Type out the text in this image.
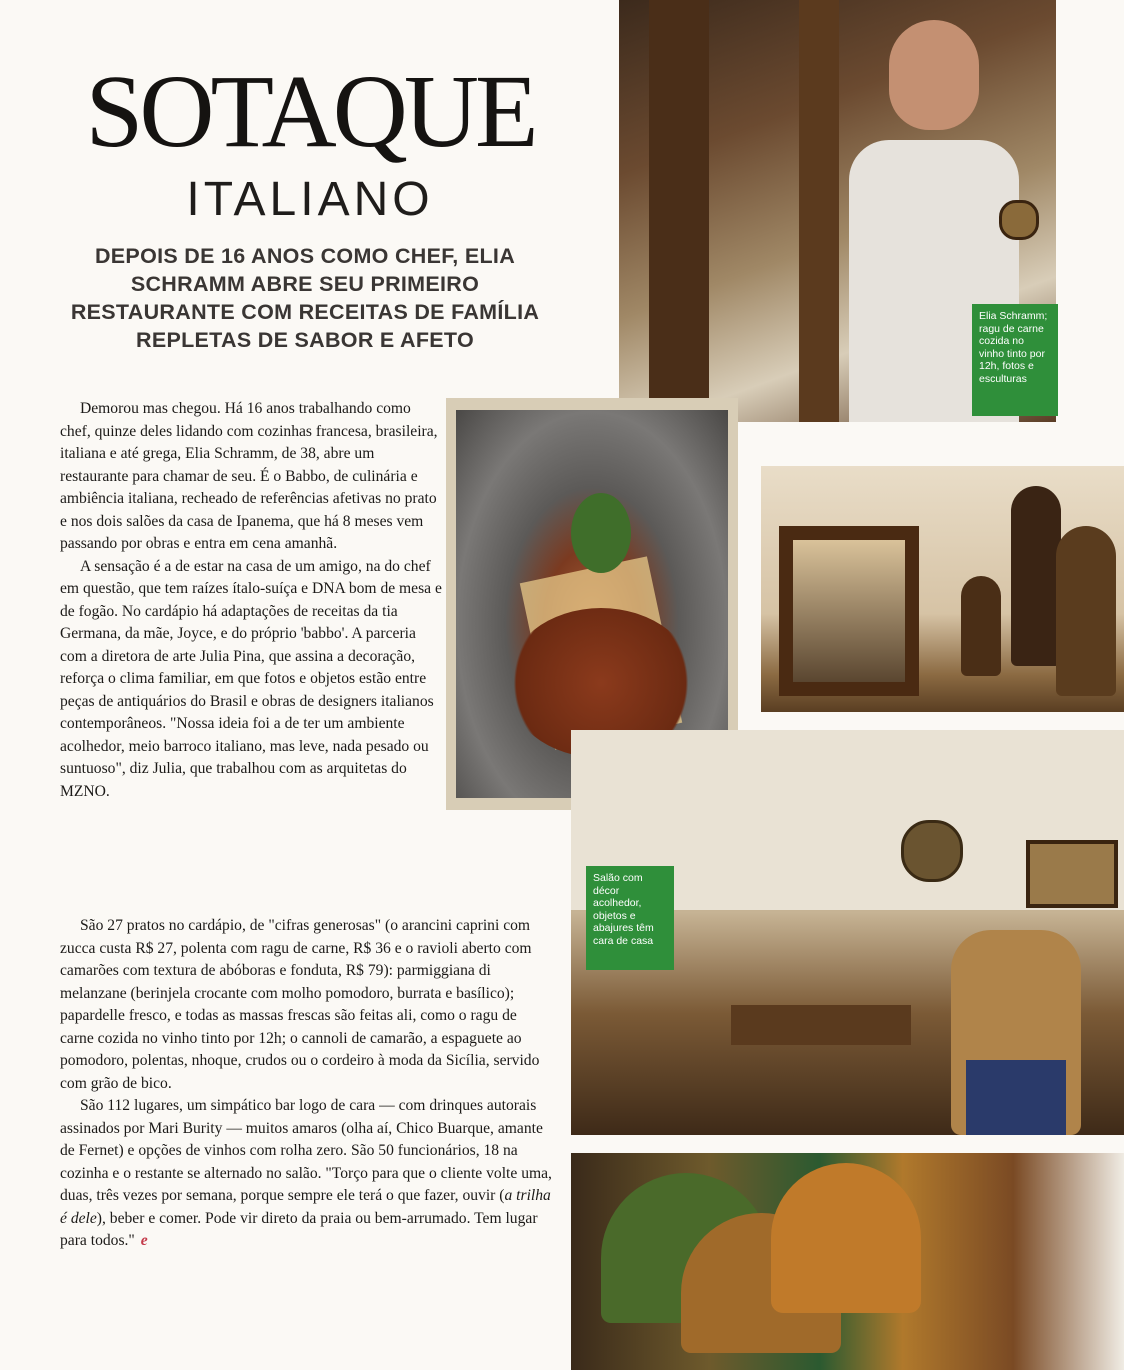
Elia Schramm; ragu de carne cozida no vinho tinto por 12h, fotos e esculturas
Salão com décor acolhedor, objetos e abajures têm cara de casa
SOTAQUE
ITALIANO
DEPOIS DE 16 ANOS COMO CHEF, ELIA SCHRAMM ABRE SEU PRIMEIRO RESTAURANTE COM RECEITAS DE FAMÍLIA REPLETAS DE SABOR E AFETO

Demorou mas chegou. Há 16 anos trabalhando como chef, quinze deles lidando com cozinhas francesa, brasileira, italiana e até grega, Elia Schramm, de 38, abre um restaurante para chamar de seu. É o Babbo, de culinária e ambiência italiana, recheado de referências afetivas no prato e nos dois salões da casa de Ipanema, que há 8 meses vem passando por obras e entra em cena amanhã.

A sensação é a de estar na casa de um amigo, na do chef em questão, que tem raízes ítalo-suíça e DNA bom de mesa e de fogão. No cardápio há adaptações de receitas da tia Germana, da mãe, Joyce, e do próprio 'babbo'. A parceria com a diretora de arte Julia Pina, que assina a decoração, reforça o clima familiar, em que fotos e objetos estão entre peças de antiquários do Brasil e obras de designers italianos contemporâneos. "Nossa ideia foi a de ter um ambiente acolhedor, meio barroco italiano, mas leve, nada pesado ou suntuoso", diz Julia, que trabalhou com as arquitetas do MZNO.

São 27 pratos no cardápio, de "cifras generosas" (o arancini caprini com zucca custa R$ 27, polenta com ragu de carne, R$ 36 e o ravioli aberto com camarões com textura de abóboras e fonduta, R$ 79): parmiggiana di melanzane (berinjela crocante com molho pomodoro, burrata e basílico); papardelle fresco, e todas as massas frescas são feitas ali, como o ragu de carne cozida no vinho tinto por 12h; o cannoli de camarão, a espaguete ao pomodoro, polentas, nhoque, crudos ou o cordeiro à moda da Sicília, servido com grão de bico.

São 112 lugares, um simpático bar logo de cara — com drinques autorais assinados por Mari Burity — muitos amaros (olha aí, Chico Buarque, amante de Fernet) e opções de vinhos com rolha zero. São 50 funcionários, 18 na cozinha e o restante se alternado no salão. "Torço para que o cliente volte uma, duas, três vezes por semana, porque sempre ele terá o que fazer, ouvir (a trilha é dele), beber e comer. Pode vir direto da praia ou bem-arrumado. Tem lugar para todos." e
